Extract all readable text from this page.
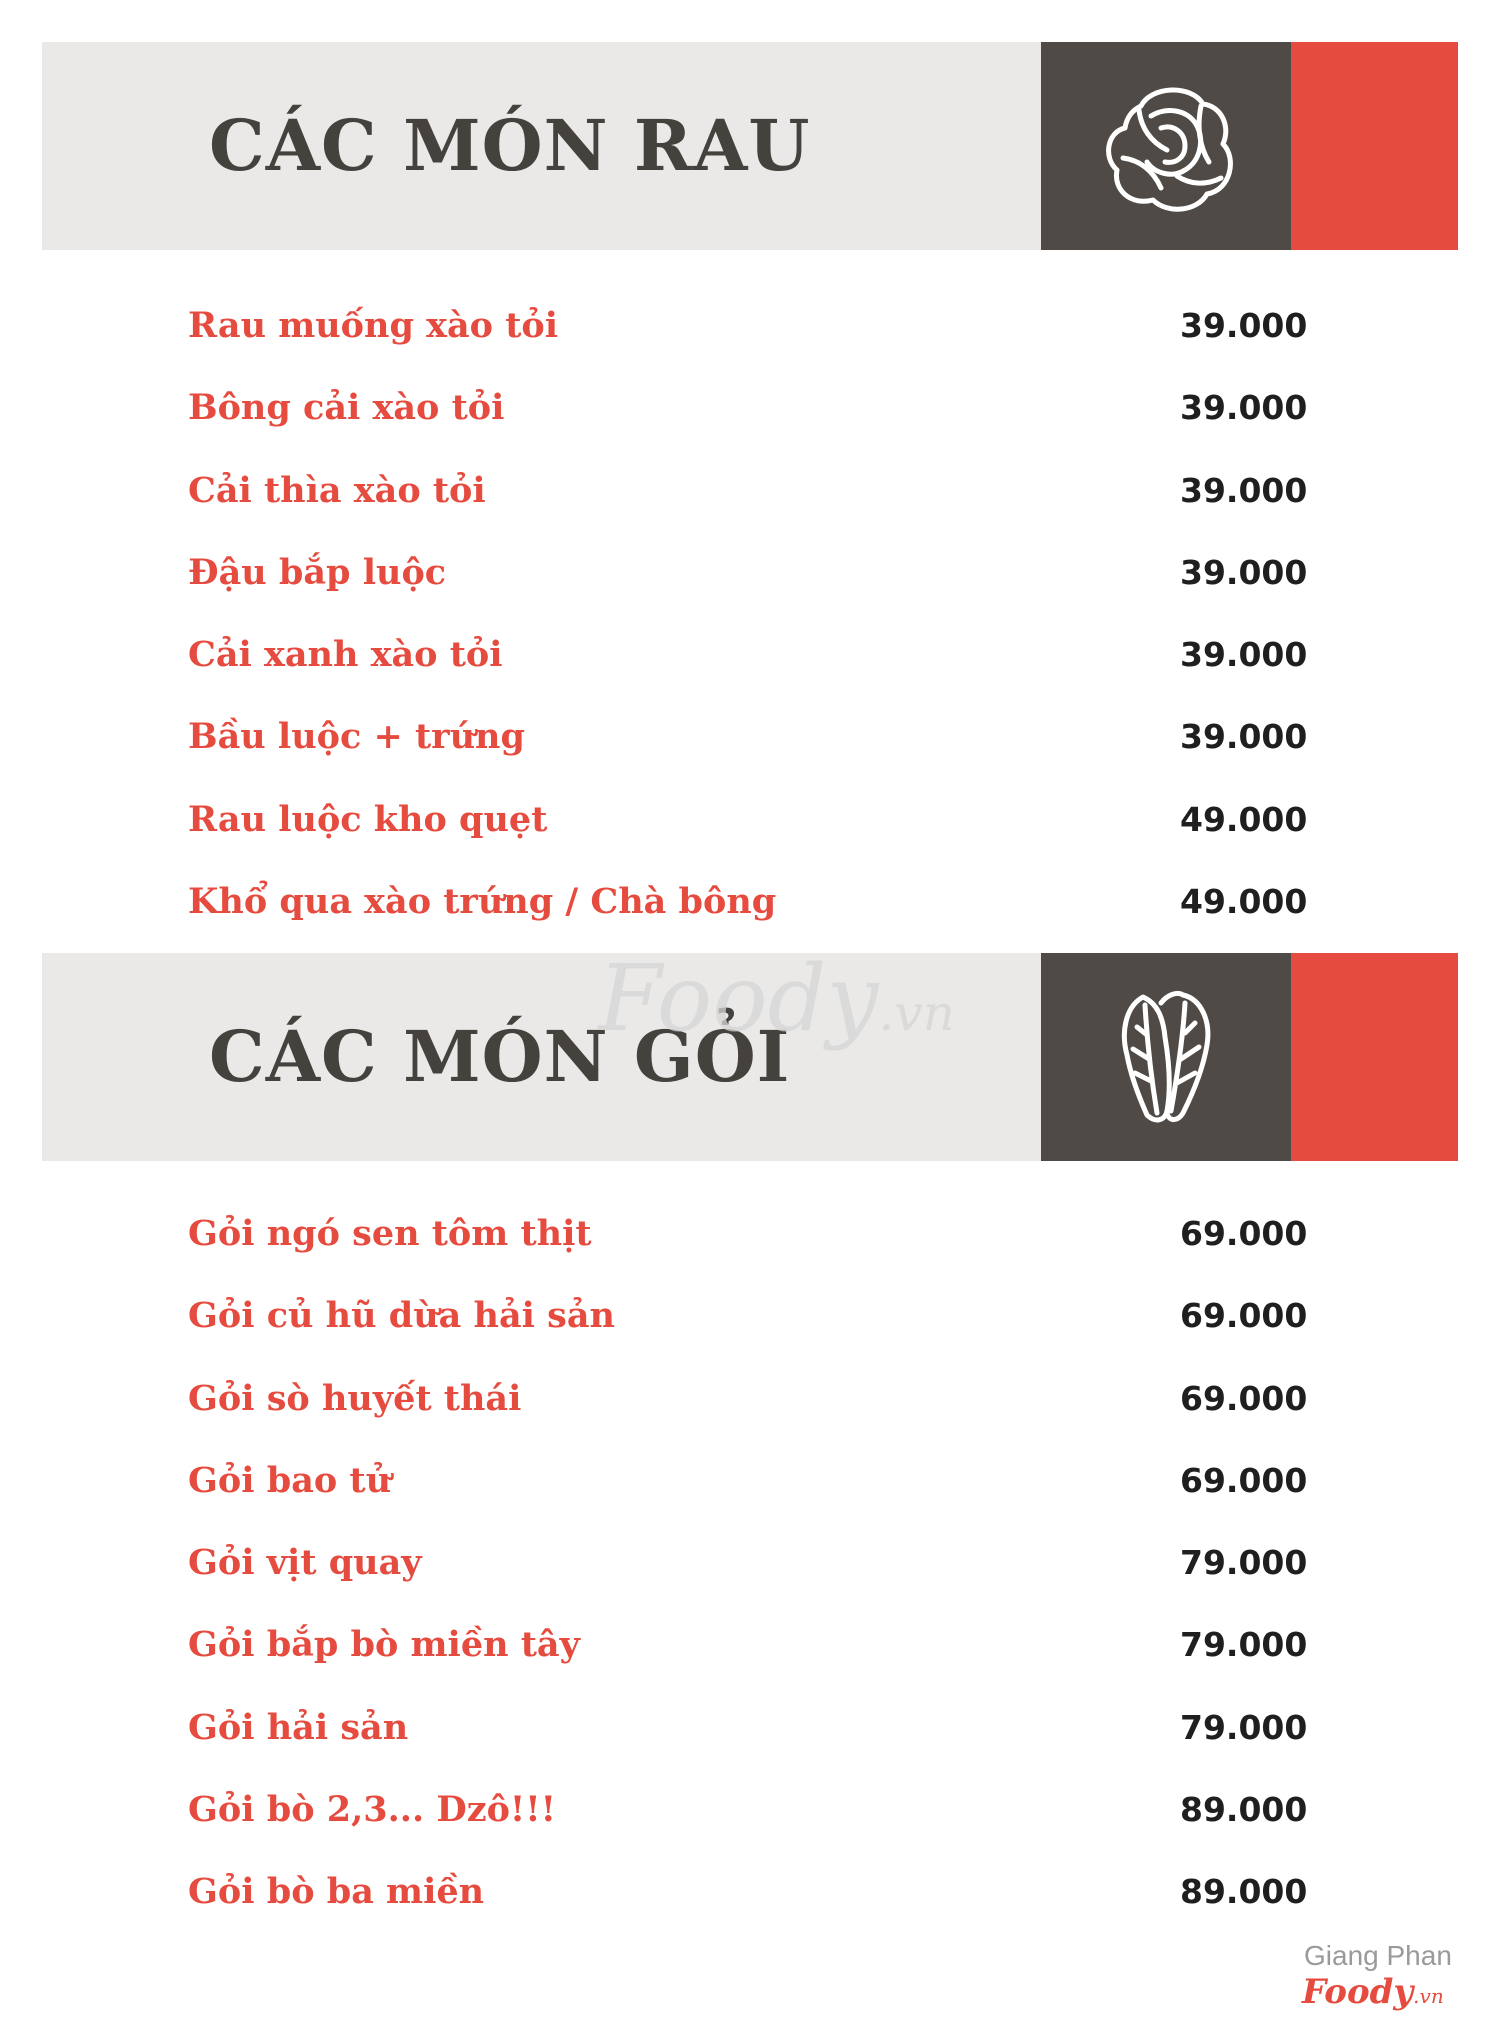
CÁC MÓN RAU
Rau muống xào tỏi	39.000
Bông cải xào tỏi	39.000
Cải thìa xào tỏi	39.000
Đậu bắp luộc	39.000
Cải xanh xào tỏi	39.000
Bầu luộc + trứng	39.000
Rau luộc kho quẹt	49.000
Khổ qua xào trứng / Chà bông	49.000
CÁC MÓN GỎI
Gỏi ngó sen tôm thịt	69.000
Gỏi củ hũ dừa hải sản	69.000
Gỏi sò huyết thái	69.000
Gỏi bao tử	69.000
Gỏi vịt quay	79.000
Gỏi bắp bò miền tây	79.000
Gỏi hải sản	79.000
Gỏi bò 2,3... Dzô!!!	89.000
Gỏi bò ba miền	89.000
Foody.vn
Giang Phan
Foody.vn
